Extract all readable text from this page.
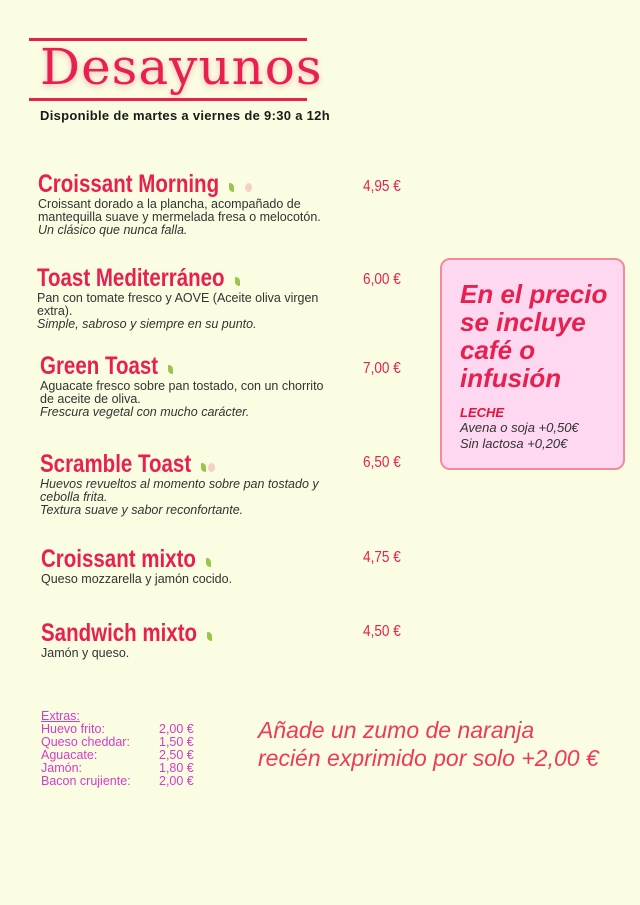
Desayunos
Disponible de martes a viernes de 9:30 a 12h
Croissant Morning
Croissant dorado a la plancha, acompañado de mantequilla suave y mermelada fresa o melocotón.
Un clásico que nunca falla.
4,95 €
Toast Mediterráneo
Pan con tomate fresco y AOVE (Aceite oliva virgen extra).
Simple, sabroso y siempre en su punto.
6,00 €
Green Toast
Aguacate fresco sobre pan tostado, con un chorrito de aceite de oliva.
Frescura vegetal con mucho carácter.
7,00 €
Scramble Toast
Huevos revueltos al momento sobre pan tostado y cebolla frita.
Textura suave y sabor reconfortante.
6,50 €
Croissant mixto
Queso mozzarella y jamón cocido.
4,75 €
Sandwich mixto
Jamón y queso.
4,50 €
En el precio se incluye café o infusión
LECHE
Avena o soja +0,50€
Sin lactosa +0,20€
Extras:
Huevo frito:	2,00 €
Queso cheddar:	1,50 €
Aguacate:	2,50 €
Jamón:	1,80 €
Bacon crujiente:	2,00 €
Añade un zumo de naranja
recién exprimido por solo +2,00 €
